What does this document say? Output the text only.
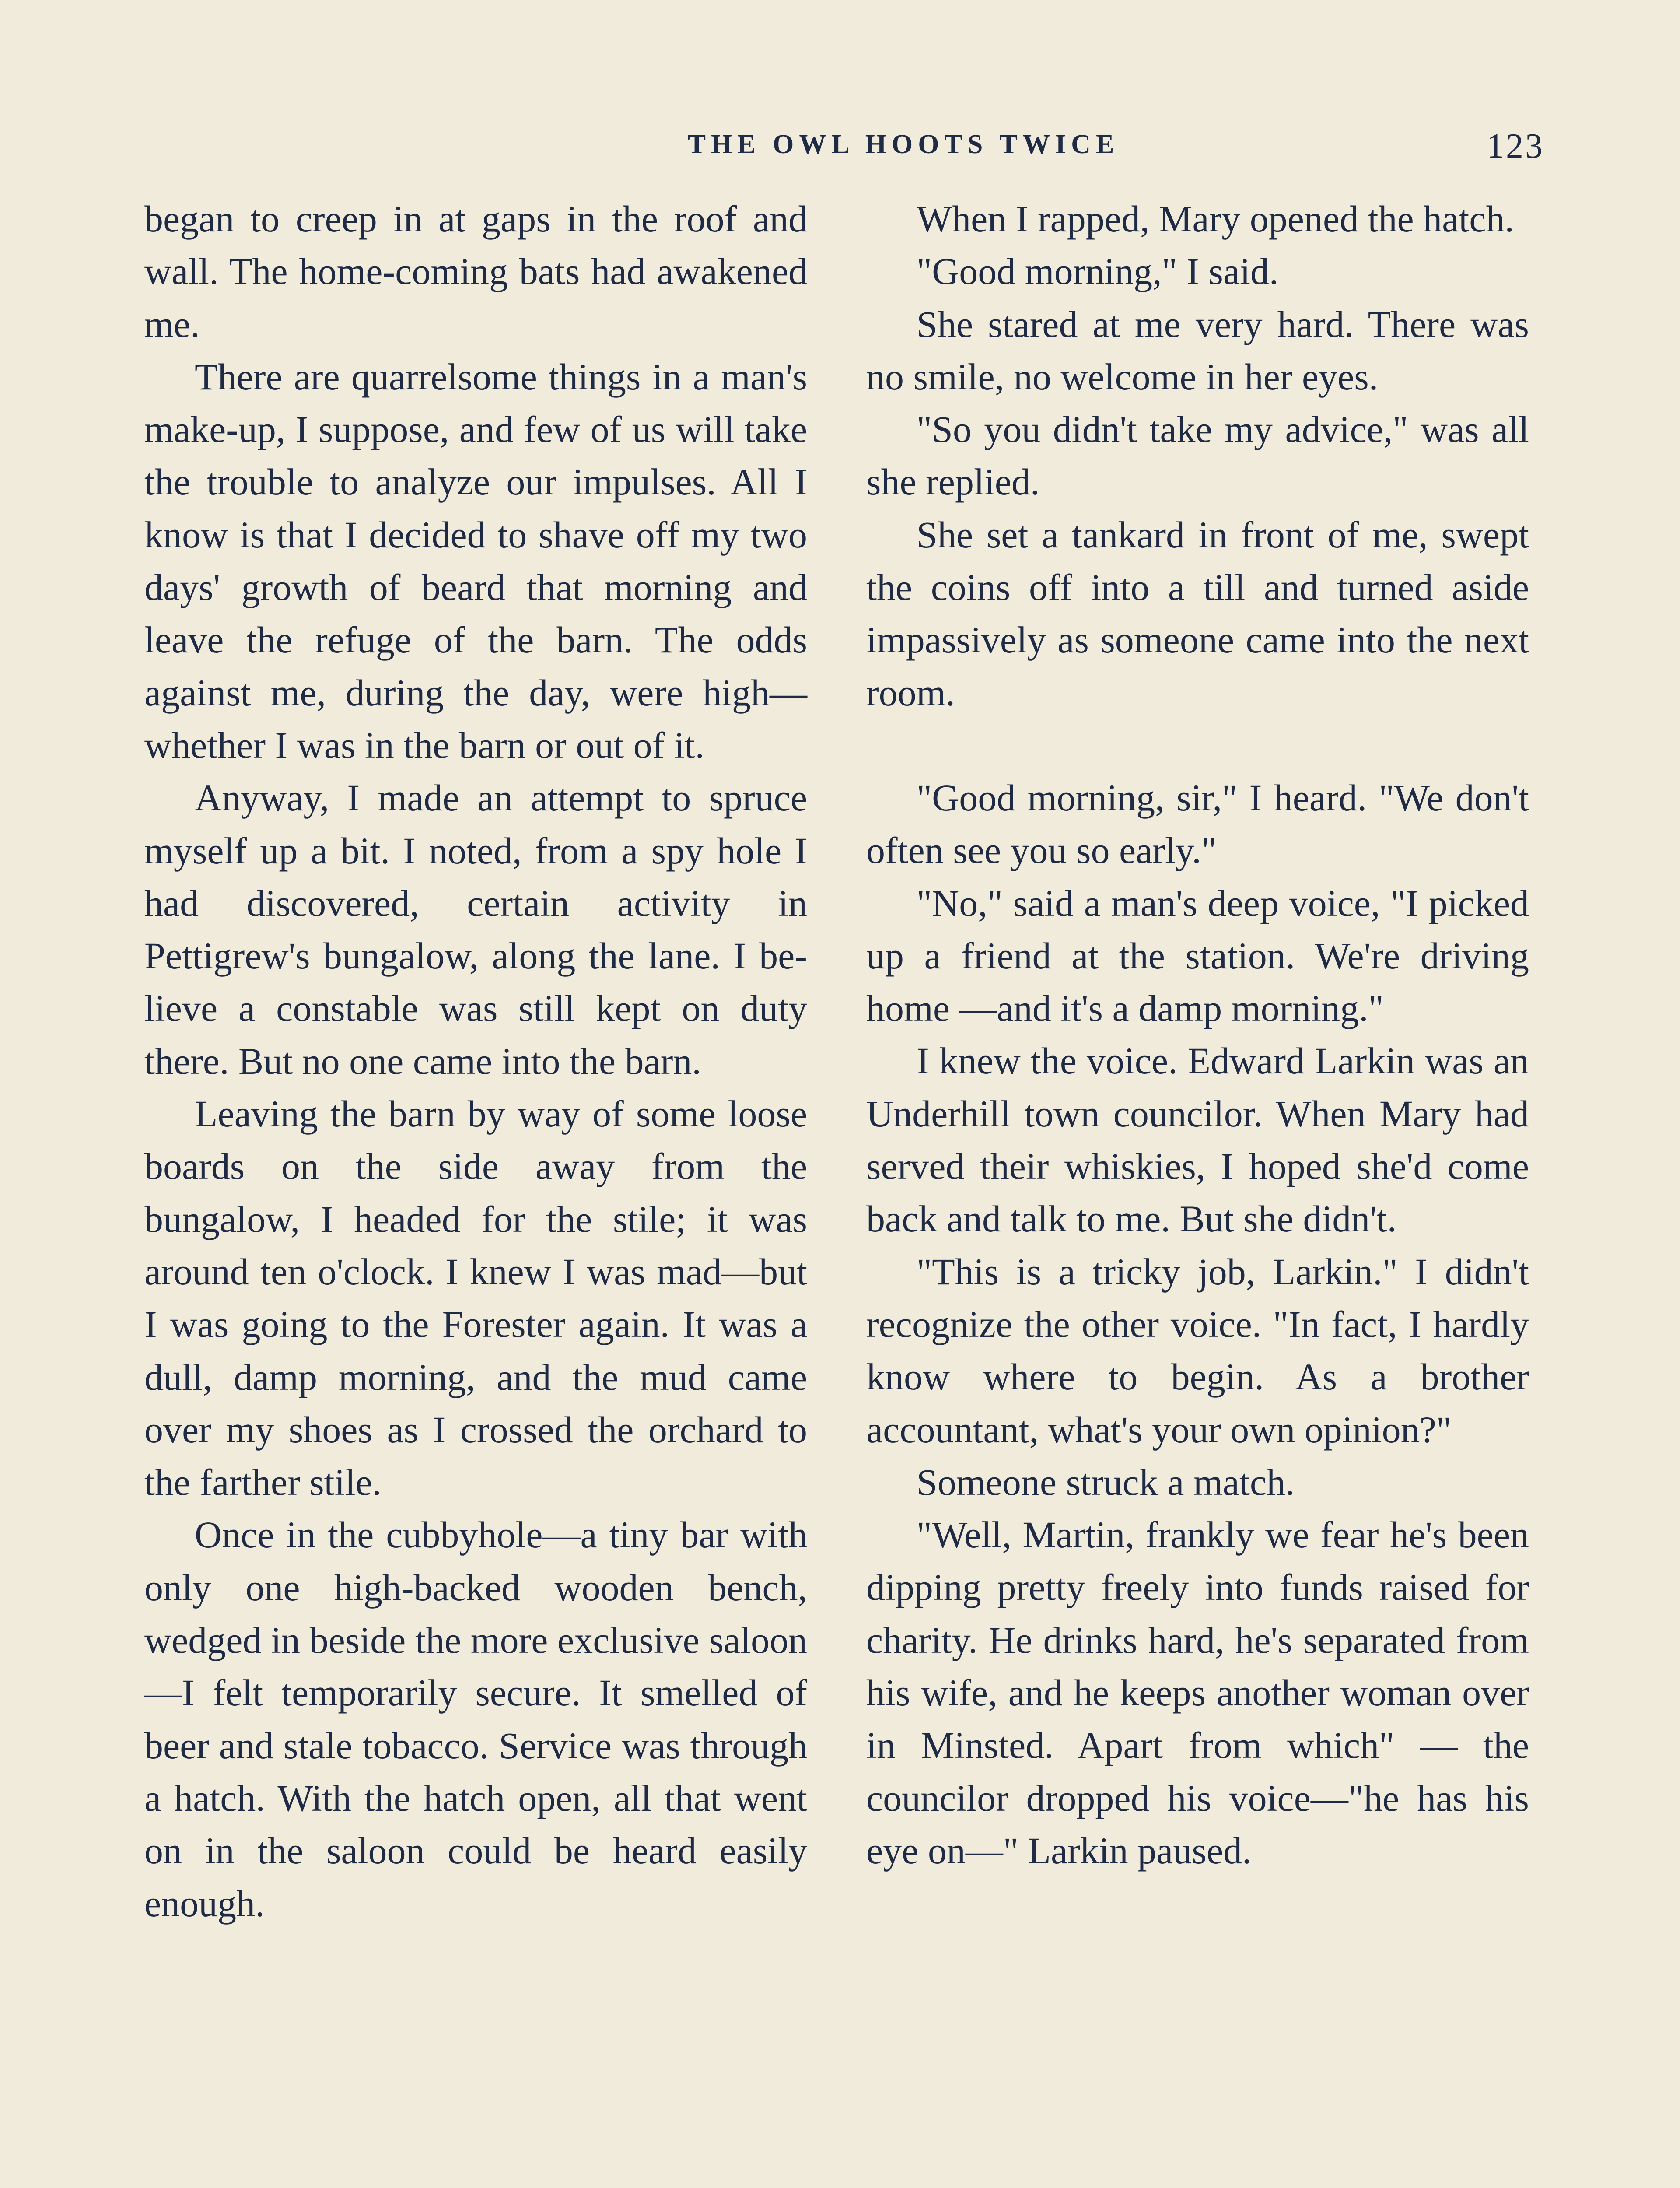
THE OWL HOOTS TWICE	123

began to creep in at gaps in the roof and wall. The home-coming bats had awakened me.

There are quarrelsome things in a man's make-up, I suppose, and few of us will take the trouble to analyze our impulses. All I know is that I decided to shave off my two days' growth of beard that morning and leave the refuge of the barn. The odds against me, during the day, were high—whether I was in the barn or out of it.

Anyway, I made an attempt to spruce myself up a bit. I noted, from a spy hole I had discovered, certain activity in Pettigrew's bungalow, along the lane. I believe a constable was still kept on duty there. But no one came into the barn.

Leaving the barn by way of some loose boards on the side away from the bungalow, I headed for the stile; it was around ten o'clock. I knew I was mad—but I was going to the Forester again. It was a dull, damp morning, and the mud came over my shoes as I crossed the orchard to the farther stile.

Once in the cubbyhole—a tiny bar with only one high-backed wooden bench, wedged in beside the more exclusive saloon—I felt temporarily secure. It smelled of beer and stale tobacco. Service was through a hatch. With the hatch open, all that went on in the saloon could be heard easily enough.

When I rapped, Mary opened the hatch.

"Good morning," I said.

She stared at me very hard. There was no smile, no welcome in her eyes.

"So you didn't take my advice," was all she replied.

She set a tankard in front of me, swept the coins off into a till and turned aside impassively as someone came into the next room.

"Good morning, sir," I heard. "We don't often see you so early."

"No," said a man's deep voice, "I picked up a friend at the station. We're driving home —and it's a damp morning."

I knew the voice. Edward Larkin was an Underhill town councilor. When Mary had served their whiskies, I hoped she'd come back and talk to me. But she didn't.

"This is a tricky job, Larkin." I didn't recognize the other voice. "In fact, I hardly know where to begin. As a brother accountant, what's your own opinion?"

Someone struck a match.

"Well, Martin, frankly we fear he's been dipping pretty freely into funds raised for charity. He drinks hard, he's separated from his wife, and he keeps another woman over in Minsted. Apart from which" — the councilor dropped his voice—"he has his eye on—" Larkin paused.
